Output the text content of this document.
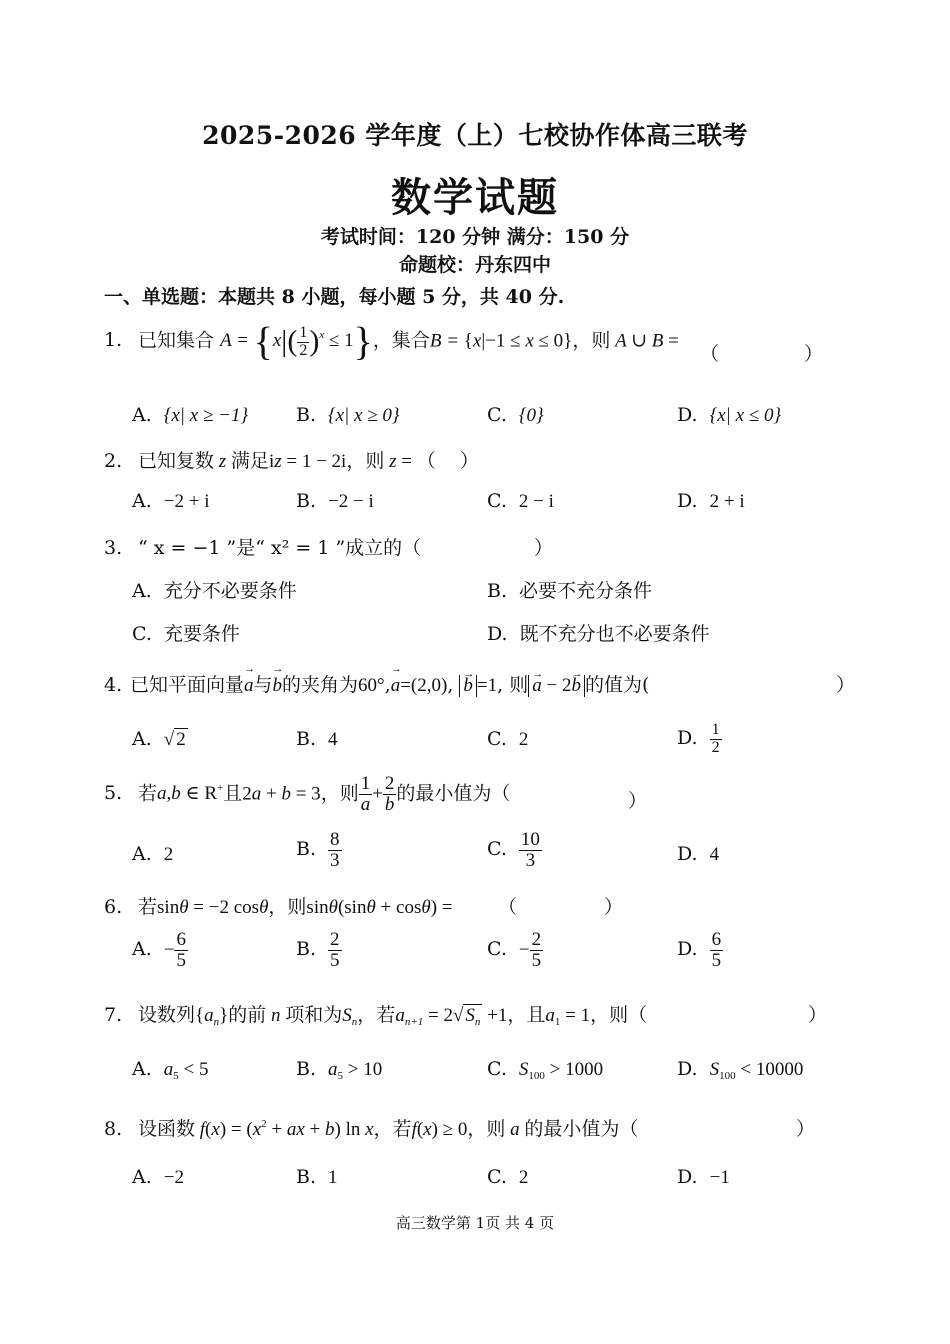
2025-2026 学年度（上）七校协作体高三联考
数学试题
考试时间：120 分钟 满分：150 分
命题校：丹东四中
一、单选题：本题共 8 小题，每小题 5 分，共 40 分.
1. 已知集合 $A = \{x|( \frac{1}{2} )^x \le 1\}$，集合B = {x|−1 ≤ x ≤ 0}，则 A ∪ B =
（	）
A. {x| x ≥ −1}	B. {x| x ≥ 0}	C. {0}	D. {x| x ≤ 0}
2. 已知复数 z 满足iz = 1 − 2i，则 z = （    ）
A. −2 + i	B. −2 − i	C. 2 − i	D. 2 + i
3. “ x = −1 ”是“ x² = 1 ”成立的（	）
A. 充分不必要条件	B. 必要不充分条件
C. 充要条件	D. 既不充分也不必要条件
4. 已知平面向量→ a与→ b的夹角为60°,→ a=(2,0), → b =1, 则→ a − 2→ b 的值为(	）
A. √ 2	B. 4	C. 2	D. $\frac{1}{2}$
5. 若a,b ∈ R+且2a + b = 3，则 $\frac{1}{a} + \frac{2}{b}$ 的最小值为（	）
A. 2	B. $\frac{8}{3}$	C. $\frac{10}{3}$	D. 4
6. 若sinθ = −2 cosθ，则sinθ(sinθ + cosθ) = （	）
A. − $\frac{6}{5}$	B. $\frac{2}{5}$	C. − $\frac{2}{5}$	D. $\frac{6}{5}$
7. 设数列$\{a_n\}$的前 n 项和为$S_n$，若$a_{n+1} = 2√$ $S_n +1$，且$a_1 = 1$，则（	）
A. $a_5 < 5$	B. $a_5 > 10$	C. $S_{100} > 1000$	D. $S_{100} < 10000$
8. 设函数 $f(x) = (x^2$ + ax + b) ln x，若f(x) ≥ 0，则 a 的最小值为（	）
A. −2	B. 1	C. 2	D. −1
高三数学第 1页 共 4 页
